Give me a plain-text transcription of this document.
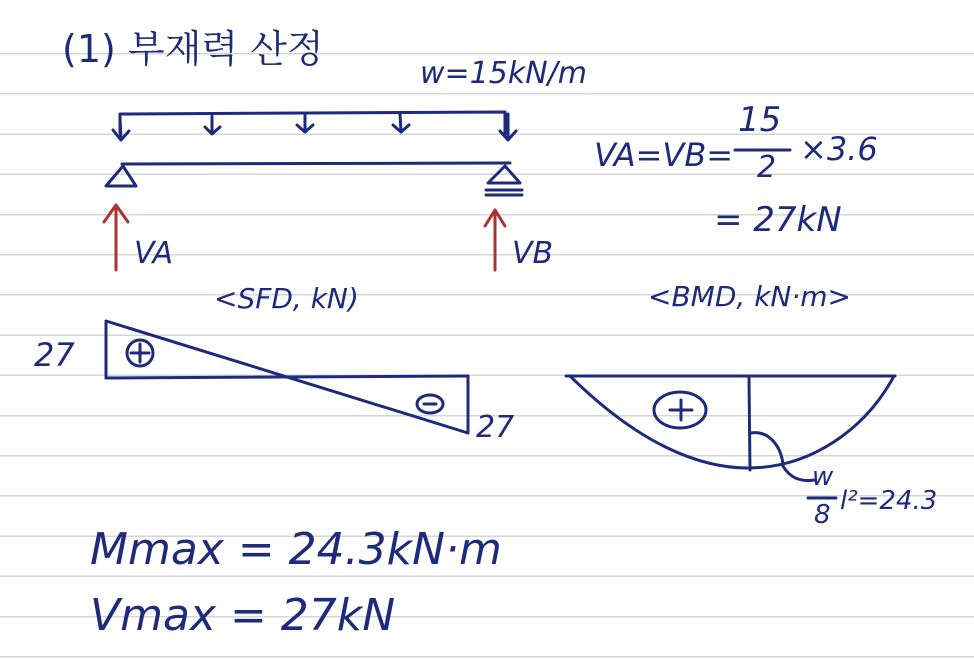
(1) 부재력 산정
w=15kN/m
VA	VB
VA=VB=
15
2 ×3.6
= 27kN
<SFD, kN)
27
27
<BMD, kN·m>
w
8 l²=24.3
Mmax = 24.3kN·m
Vmax = 27kN
